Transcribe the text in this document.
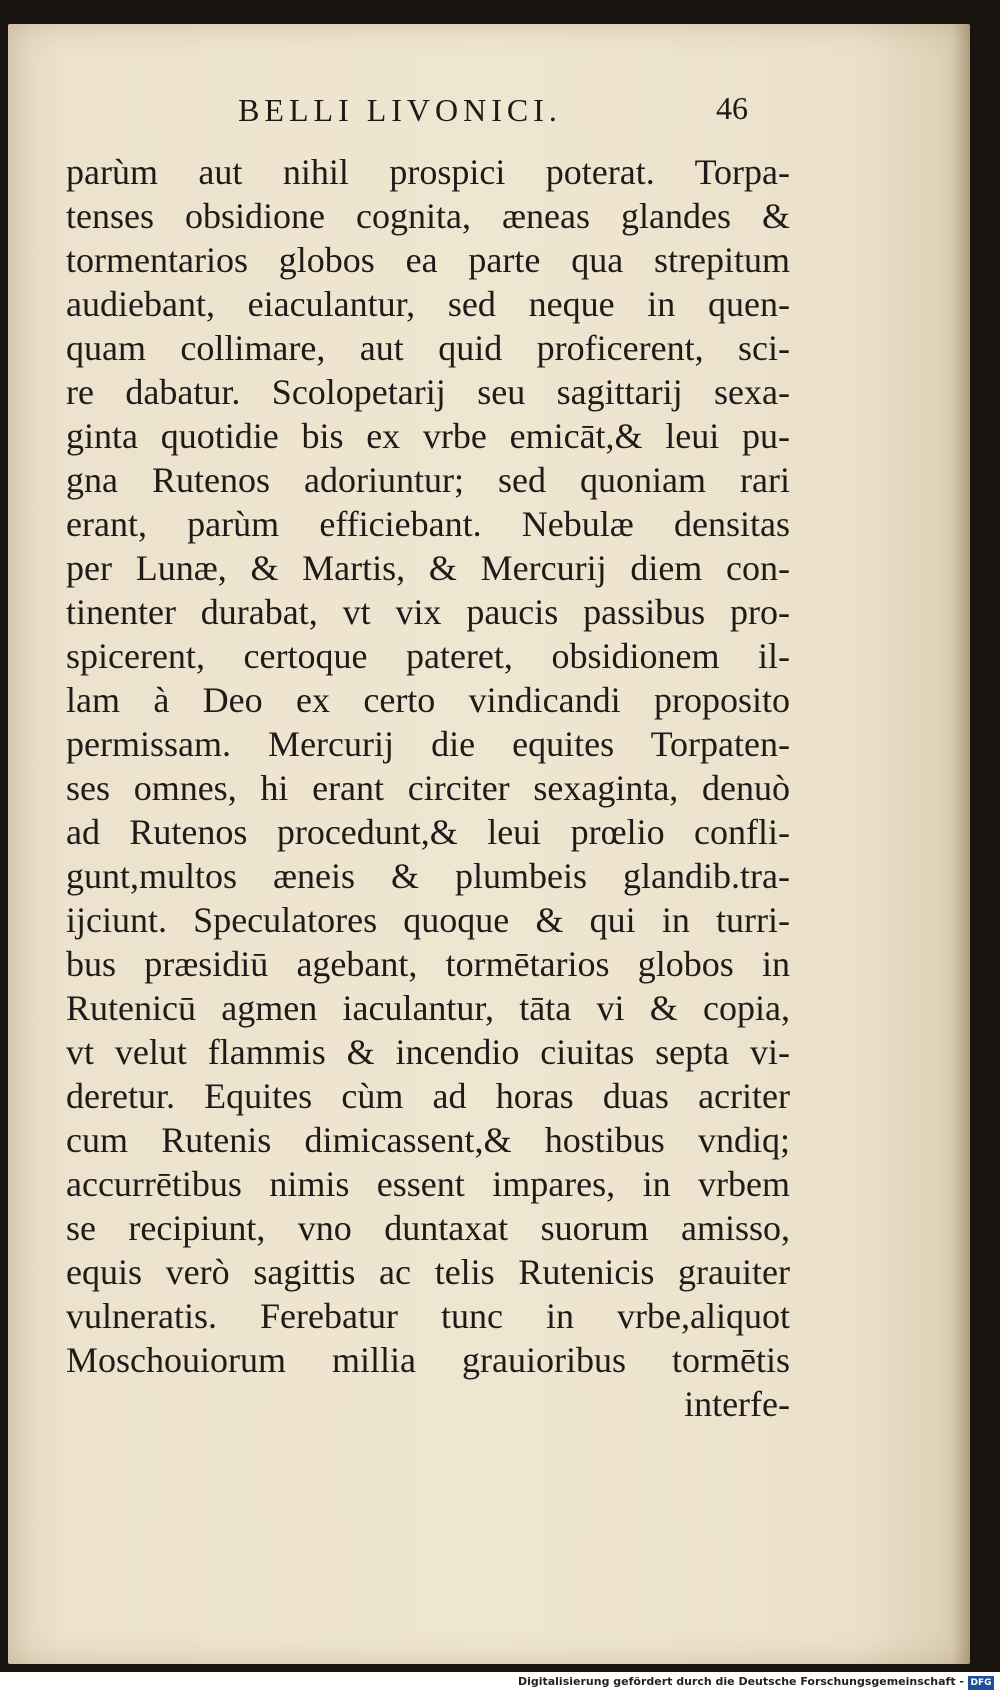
BELLI LIVONICI.	46
parùm aut nihil prospici poterat. Torpa-
tenses obsidione cognita, æneas glandes &
tormentarios globos ea parte qua strepitum
audiebant, eiaculantur, sed neque in quen-
quam collimare, aut quid proficerent, sci-
re dabatur. Scolopetarij seu sagittarij sexa-
ginta quotidie bis ex vrbe emicāt,& leui pu-
gna Rutenos adoriuntur; sed quoniam rari
erant, parùm efficiebant. Nebulæ densitas
per Lunæ, & Martis, & Mercurij diem con-
tinenter durabat, vt vix paucis passibus pro-
spicerent, certoque pateret, obsidionem il-
lam à Deo ex certo vindicandi proposito
permissam. Mercurij die equites Torpaten-
ses omnes, hi erant circiter sexaginta, denuò
ad Rutenos procedunt,& leui prœlio confli-
gunt,multos æneis & plumbeis glandib.tra-
ijciunt. Speculatores quoque & qui in turri-
bus præsidiū agebant, tormētarios globos in
Rutenicū agmen iaculantur, tāta vi & copia,
vt velut flammis & incendio ciuitas septa vi-
deretur. Equites cùm ad horas duas acriter
cum Rutenis dimicassent,& hostibus vndiq;
accurrētibus nimis essent impares, in vrbem
se recipiunt, vno duntaxat suorum amisso,
equis verò sagittis ac telis Rutenicis grauiter
vulneratis. Ferebatur tunc in vrbe,aliquot
Moschouiorum millia grauioribus tormētis
interfe-
Digitalisierung gefördert durch die Deutsche Forschungsgemeinschaft - DFG
